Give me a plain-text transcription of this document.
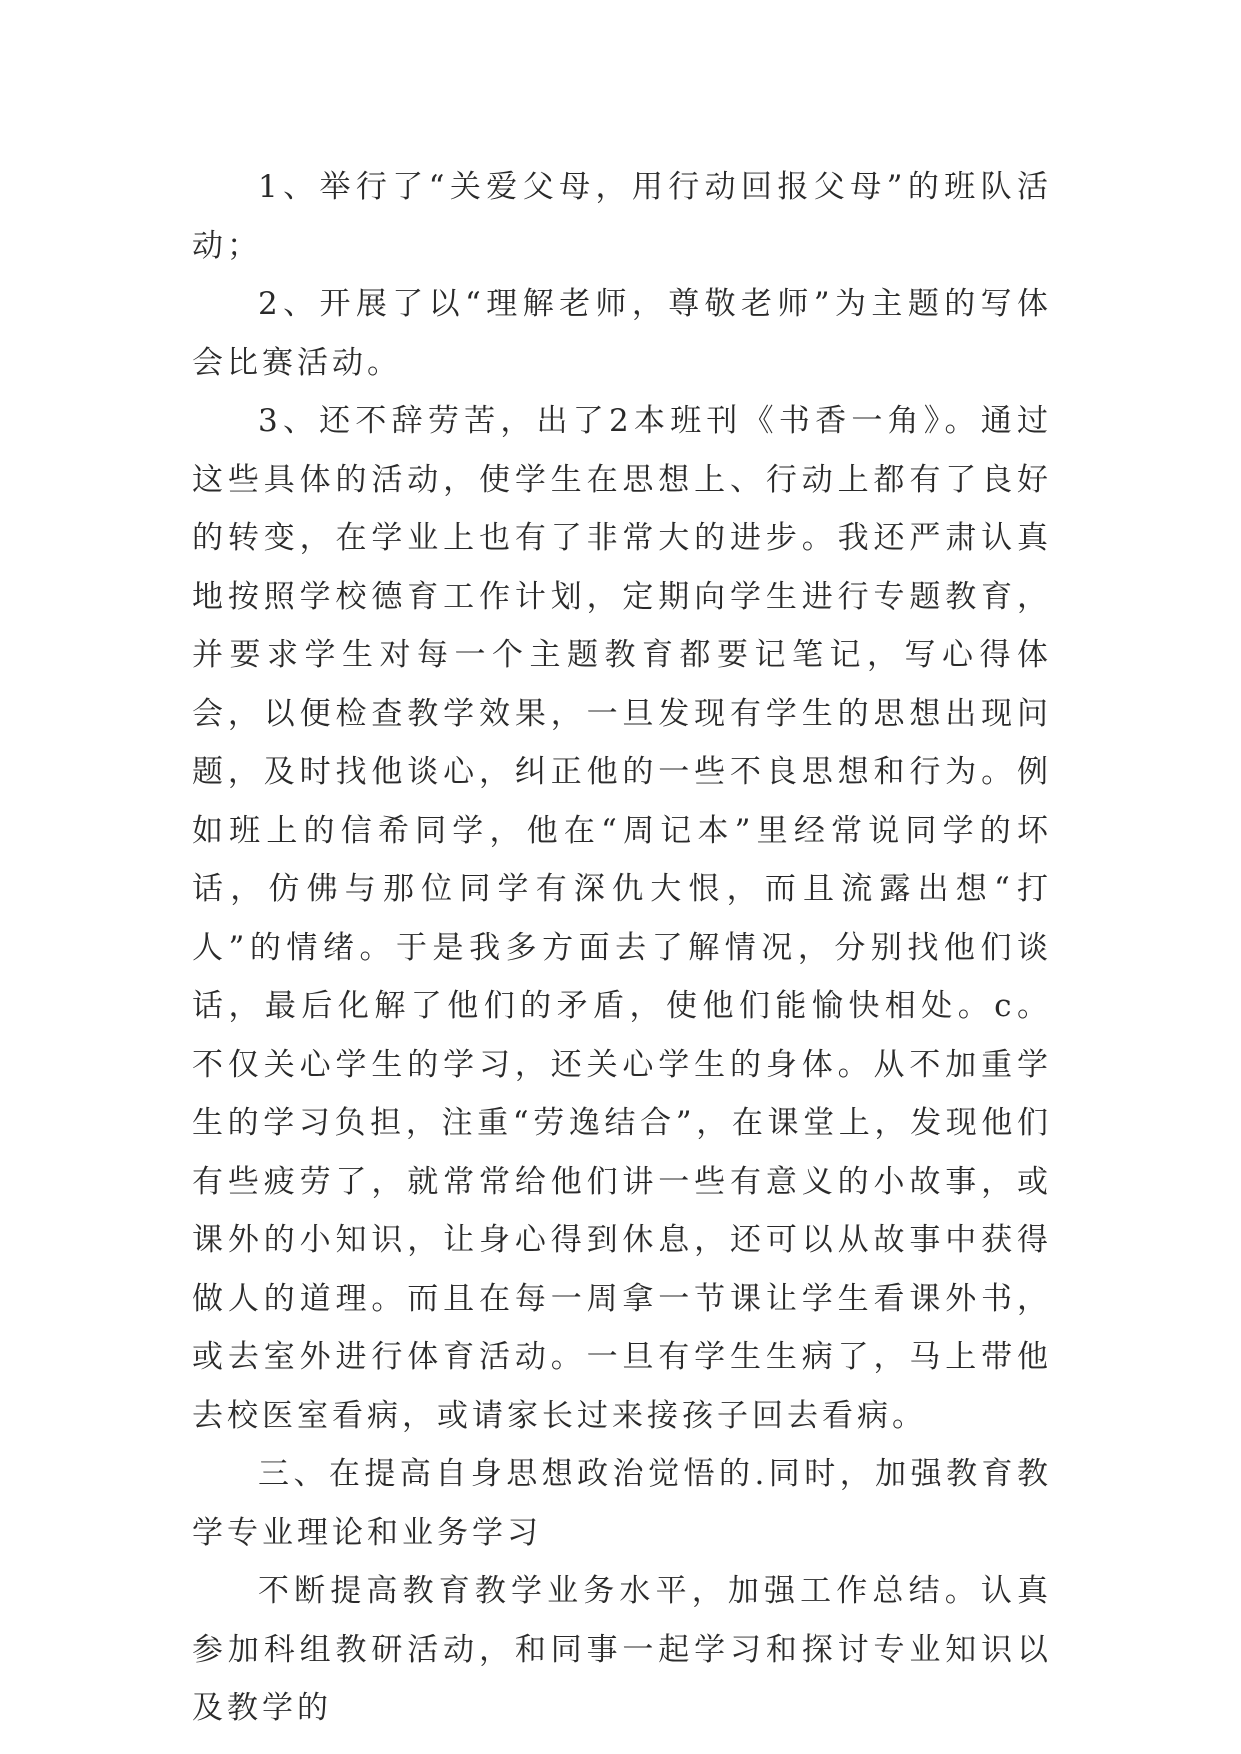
1、举行了“关爱父母，用行动回报父母”的班队活动；

2、开展了以“理解老师，尊敬老师”为主题的写体会比赛活动。

3、还不辞劳苦，出了2本班刊《书香一角》。通过这些具体的活动，使学生在思想上、行动上都有了良好的转变，在学业上也有了非常大的进步。我还严肃认真地按照学校德育工作计划，定期向学生进行专题教育，并要求学生对每一个主题教育都要记笔记，写心得体会，以便检查教学效果，一旦发现有学生的思想出现问题，及时找他谈心，纠正他的一些不良思想和行为。例如班上的信希同学，他在“周记本”里经常说同学的坏话，仿佛与那位同学有深仇大恨，而且流露出想“打人”的情绪。于是我多方面去了解情况，分别找他们谈话，最后化解了他们的矛盾，使他们能愉快相处。c。不仅关心学生的学习，还关心学生的身体。从不加重学生的学习负担，注重“劳逸结合”，在课堂上，发现他们有些疲劳了，就常常给他们讲一些有意义的小故事，或课外的小知识，让身心得到休息，还可以从故事中获得做人的道理。而且在每一周拿一节课让学生看课外书，或去室外进行体育活动。一旦有学生生病了，马上带他去校医室看病，或请家长过来接孩子回去看病。

三、在提高自身思想政治觉悟的.同时，加强教育教学专业理论和业务学习

不断提高教育教学业务水平，加强工作总结。认真参加科组教研活动，和同事一起学习和探讨专业知识以及教学的
